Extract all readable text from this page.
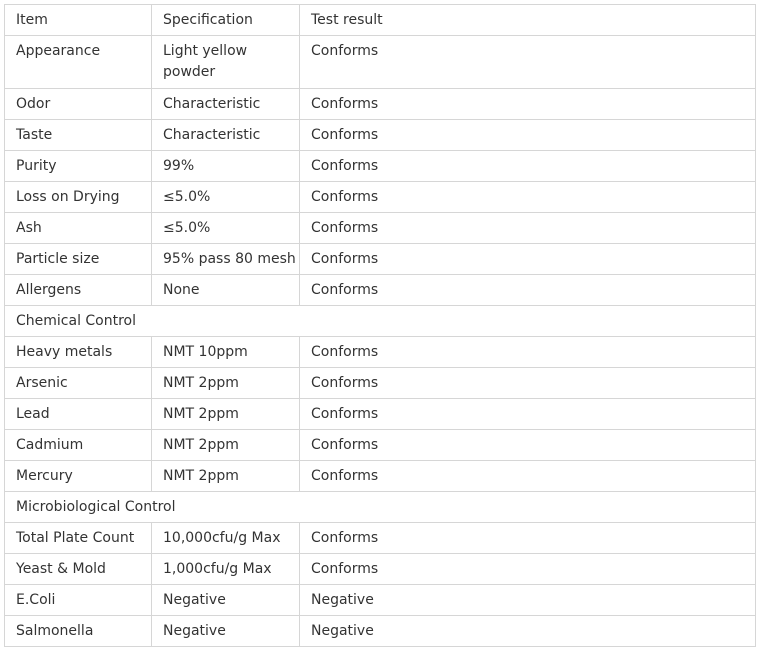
Item	Specification	Test result
Appearance	Light yellow powder	Conforms
Odor	Characteristic	Conforms
Taste	Characteristic	Conforms
Purity	99%	Conforms
Loss on Drying	≤5.0%	Conforms
Ash	≤5.0%	Conforms
Particle size	95% pass 80 mesh	Conforms
Allergens	None	Conforms
Chemical Control		
Heavy metals	NMT 10ppm	Conforms
Arsenic	NMT 2ppm	Conforms
Lead	NMT 2ppm	Conforms
Cadmium	NMT 2ppm	Conforms
Mercury	NMT 2ppm	Conforms
Microbiological Control		
Total Plate Count	10,000cfu/g Max	Conforms
Yeast & Mold	1,000cfu/g Max	Conforms
E.Coli	Negative	Negative
Salmonella	Negative	Negative
